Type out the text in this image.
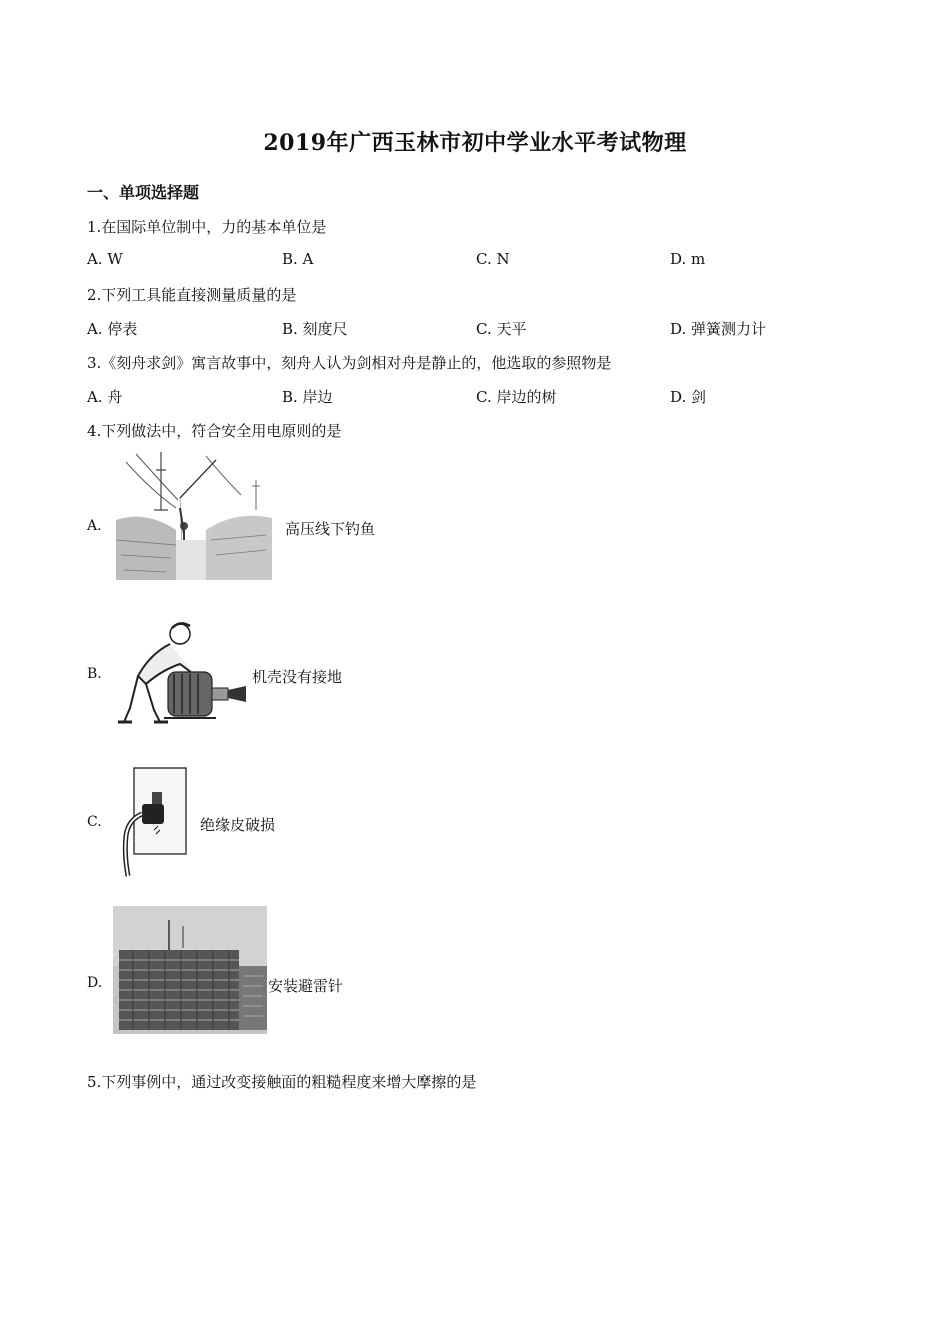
2019年广西玉林市初中学业水平考试物理
一、单项选择题
1.在国际单位制中，力的基本单位是
A. W	B. A	C. N	D. m
2.下列工具能直接测量质量的是
A. 停表	B. 刻度尺	C. 天平	D. 弹簧测力计
3.《刻舟求剑》寓言故事中，刻舟人认为剑相对舟是静止的，他选取的参照物是
A. 舟	B. 岸边	C. 岸边的树	D. 剑
4.下列做法中，符合安全用电原则的是
A.	高压线下钓鱼
B.	机壳没有接地
C.	绝缘皮破损
D.	安装避雷针
5.下列事例中，通过改变接触面的粗糙程度来增大摩擦的是
